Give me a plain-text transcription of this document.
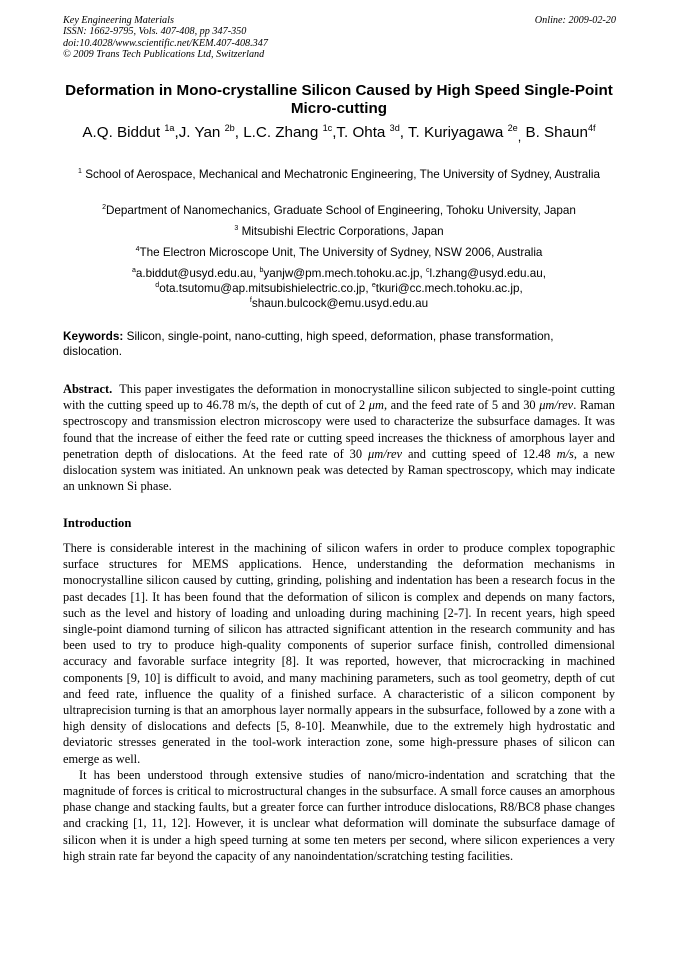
Key Engineering Materials
ISSN: 1662-9795, Vols. 407-408, pp 347-350
doi:10.4028/www.scientific.net/KEM.407-408.347
© 2009 Trans Tech Publications Ltd, Switzerland
Online: 2009-02-20
Deformation in Mono-crystalline Silicon Caused by High Speed Single-Point Micro-cutting
A.Q. Biddut $^{1a}$,J. Yan $^{2b}$, L.C. Zhang $^{1c}$,T. Ohta $^{3d}$, T. Kuriyagawa $^{2e}_,$ B. Shaun$^{4f}$
$^1$ School of Aerospace, Mechanical and Mechatronic Engineering, The University of Sydney, Australia
$^2$Department of Nanomechanics, Graduate School of Engineering, Tohoku University, Japan
$^3$ Mitsubishi Electric Corporations, Japan
$^4$The Electron Microscope Unit, The University of Sydney, NSW 2006, Australia
$^a$a.biddut@usyd.edu.au, $^b$yanjw@pm.mech.tohoku.ac.jp, $^c$l.zhang@usyd.edu.au,
$^d$ota.tsutomu@ap.mitsubishielectric.co.jp, $^e$tkuri@cc.mech.tohoku.ac.jp,
$^f$shaun.bulcock@emu.usyd.edu.au
Keywords: Silicon, single-point, nano-cutting, high speed, deformation, phase transformation, dislocation.

Abstract. This paper investigates the deformation in monocrystalline silicon subjected to single-point cutting with the cutting speed up to 46.78 m/s, the depth of cut of 2 μm, and the feed rate of 5 and 30 μm/rev. Raman spectroscopy and transmission electron microscopy were used to characterize the subsurface damages. It was found that the increase of either the feed rate or cutting speed increases the thickness of amorphous layer and penetration depth of dislocations. At the feed rate of 30 μm/rev and cutting speed of 12.48 m/s, a new dislocation system was initiated. An unknown peak was detected by Raman spectroscopy, which may indicate an unknown Si phase.

Introduction

There is considerable interest in the machining of silicon wafers in order to produce complex topographic surface structures for MEMS applications. Hence, understanding the deformation mechanisms in monocrystalline silicon caused by cutting, grinding, polishing and indentation has been a research focus in the past decades [1]. It has been found that the deformation of silicon is complex and depends on many factors, such as the level and history of loading and unloading during machining [2-7]. In recent years, high speed single-point diamond turning of silicon has attracted significant attention in the research community and has been used to try to produce high-quality components of superior surface finish, controlled dimensional accuracy and favorable surface integrity [8]. It was reported, however, that microcracking in machined components [9, 10] is difficult to avoid, and many machining parameters, such as tool geometry, depth of cut and feed rate, influence the quality of a finished surface. A characteristic of a silicon component by ultraprecision turning is that an amorphous layer normally appears in the subsurface, followed by a zone with a high density of dislocations and defects [5, 8-10]. Meanwhile, due to the extremely high hydrostatic and deviatoric stresses generated in the tool-work interaction zone, some high-pressure phases of silicon can emerge as well.

It has been understood through extensive studies of nano/micro-indentation and scratching that the magnitude of forces is critical to microstructural changes in the subsurface. A small force causes an amorphous phase change and stacking faults, but a greater force can further introduce dislocations, R8/BC8 phase changes and cracking [1, 11, 12]. However, it is unclear what deformation will dominate the subsurface damage of silicon when it is under a high speed turning at some ten meters per second, where silicon experiences a very high strain rate far beyond the capacity of any nanoindentation/scratching testing facilities.
